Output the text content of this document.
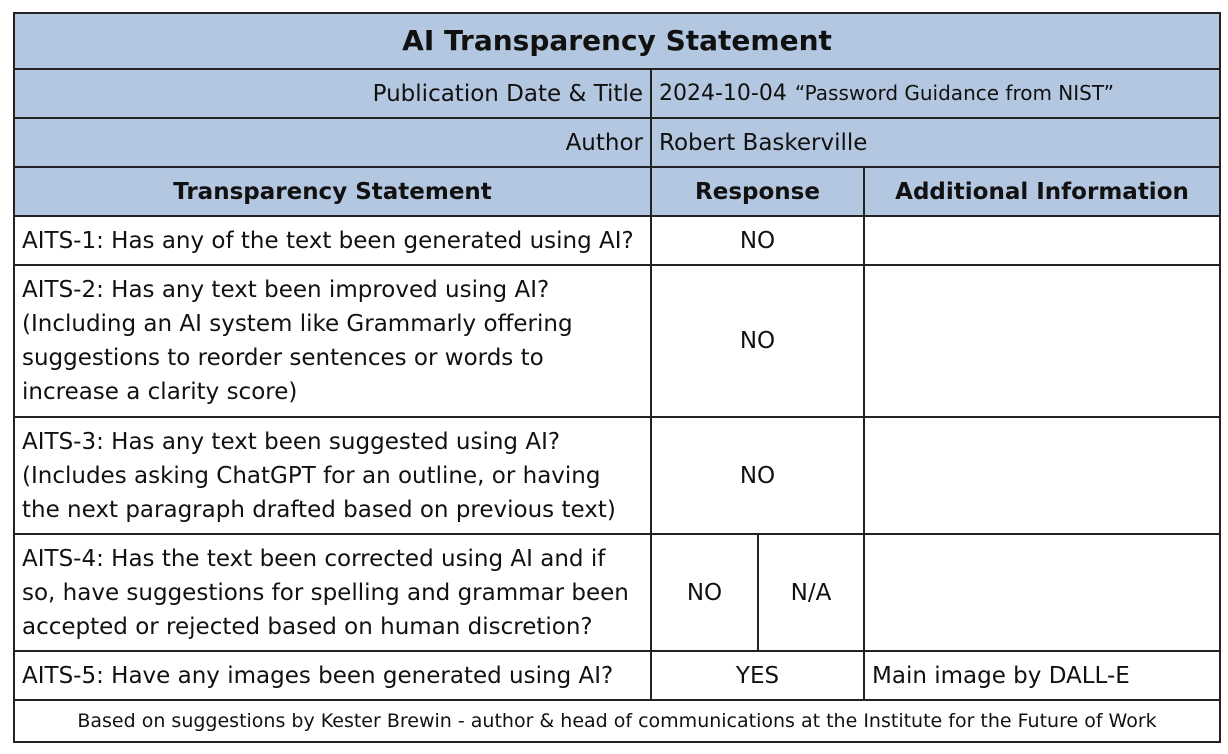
AI Transparency Statement			
Publication Date & Title	2024-10-04 “Password Guidance from NIST”		
Author	Robert Baskerville		
Transparency Statement	Response		Additional Information
AITS-1: Has any of the text been generated using AI?	NO		
AITS-2: Has any text been improved using AI? (Including an AI system like Grammarly offering suggestions to reorder sentences or words to increase a clarity score)	NO		
AITS-3: Has any text been suggested using AI? (Includes asking ChatGPT for an outline, or having the next paragraph drafted based on previous text)	NO		
AITS-4: Has the text been corrected using AI and if so, have suggestions for spelling and grammar been accepted or rejected based on human discretion?	NO	N/A	
AITS-5: Have any images been generated using AI?	YES		Main image by DALL-E
Based on suggestions by Kester Brewin - author & head of communications at the Institute for the Future of Work			
